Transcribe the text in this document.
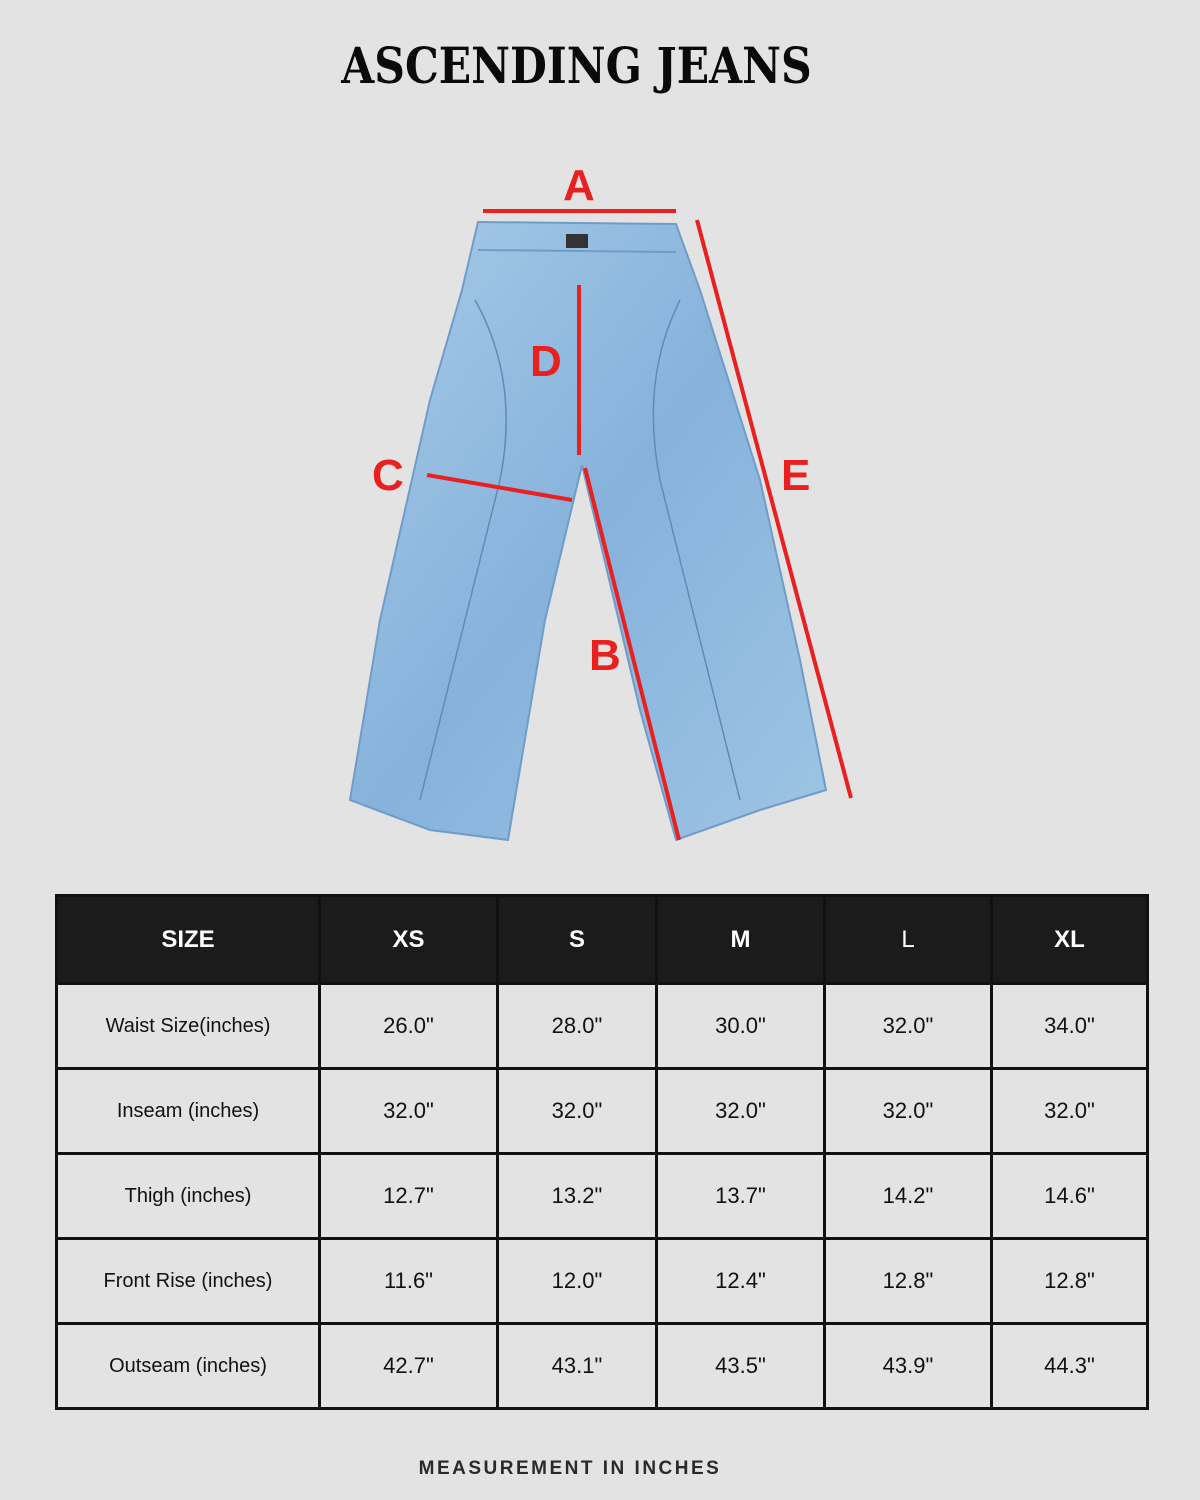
ASCENDING JEANS
A
B
C
D
E
SIZE	XS	S	M	L	XL
Waist Size(inches)	26.0"	28.0"	30.0"	32.0"	34.0"
Inseam (inches)	32.0"	32.0"	32.0"	32.0"	32.0"
Thigh (inches)	12.7"	13.2"	13.7"	14.2"	14.6"
Front Rise (inches)	11.6"	12.0"	12.4"	12.8"	12.8"
Outseam (inches)	42.7"	43.1"	43.5"	43.9"	44.3"
MEASUREMENT IN INCHES
